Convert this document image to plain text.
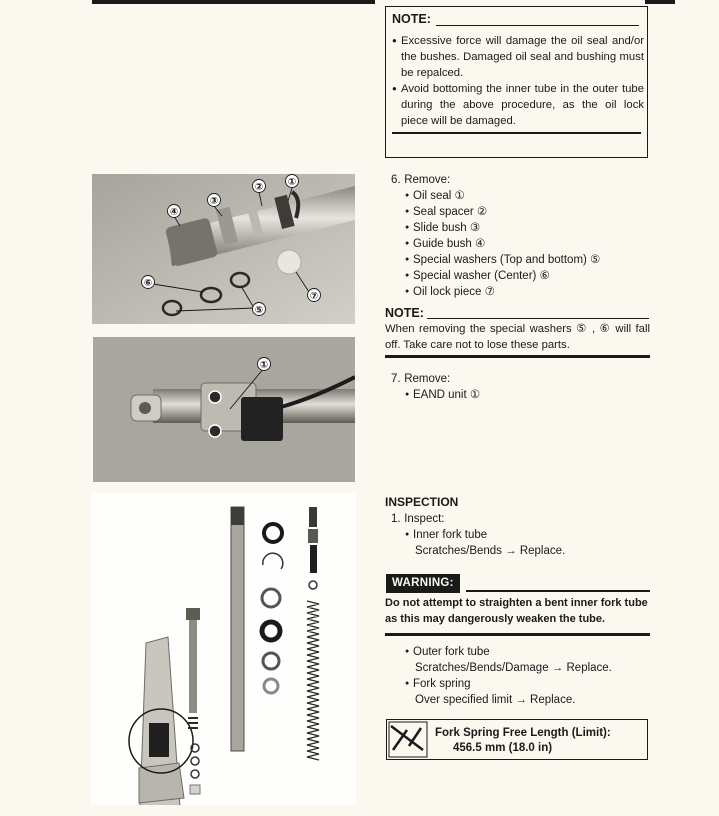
NOTE:
● Excessive force will damage the oil seal and/or the bushes. Damaged oil seal and bushing must be repalced.
● Avoid bottoming the inner tube in the outer tube during the above procedure, as the oil lock piece will be damaged.
①
②
③
④
⑤
⑥
⑦
6. Remove:
● Oil seal ①
● Seal spacer ②
● Slide bush ③
● Guide bush ④
● Special washers (Top and bottom) ⑤
● Special washer (Center) ⑥
● Oil lock piece ⑦
NOTE:
When removing the special washers ⑤ , ⑥ will fall off. Take care not to lose these parts.
①
7. Remove:
● EAND unit ①
INSPECTION
1. Inspect:
● Inner fork tube
Scratches/Bends → Replace.
WARNING:
Do not attempt to straighten a bent inner fork tube as this may dangerously weaken the tube.
● Outer fork tube
Scratches/Bends/Damage → Replace.
● Fork spring
Over specified limit → Replace.
Fork Spring Free Length (Limit):
456.5 mm (18.0 in)
